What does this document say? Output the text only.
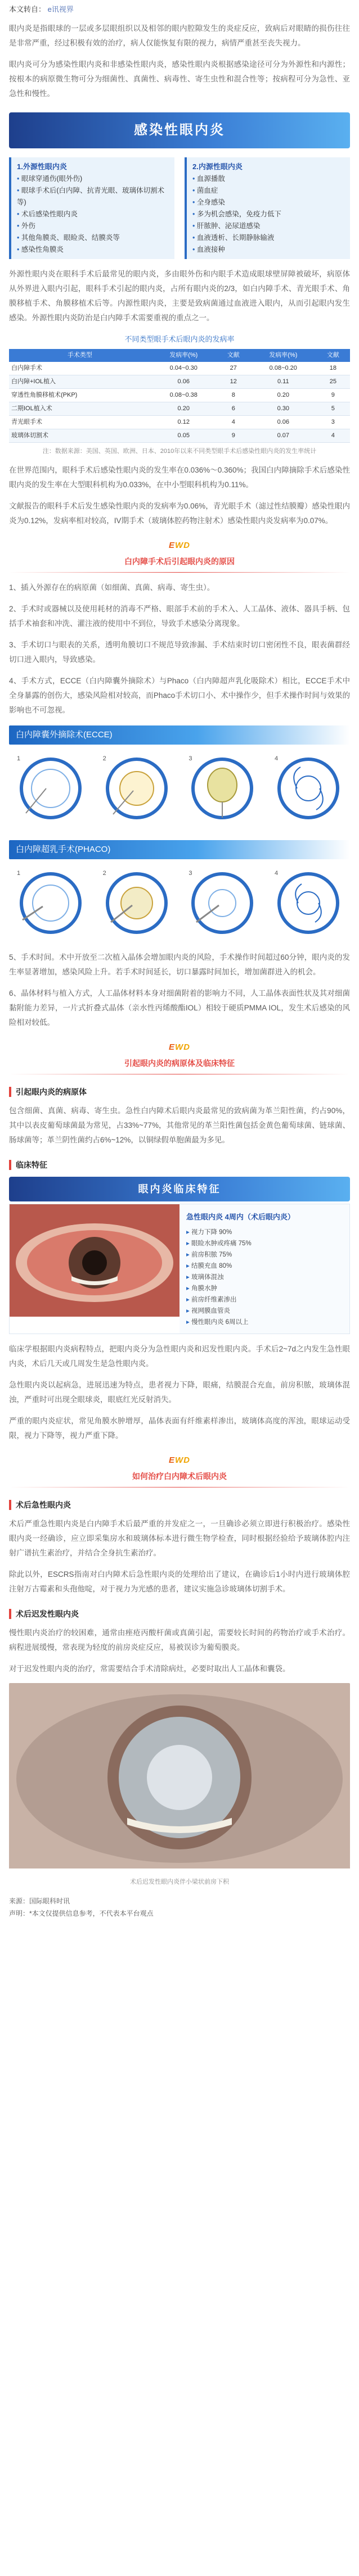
本文转自： e讯视界

眼内炎是指眼球的一层或多层眼组织以及相邻的眼内腔隙发生的炎症反应，致病后对眼睛的损伤往往是非常严重，经过积极有效的治疗，病人仅能恢复有限的视力，病情严重甚至丧失视力。

眼内炎可分为感染性眼内炎和非感染性眼内炎，感染性眼内炎根据感染途径可分为外源性和内源性；按根本的病原微生物可分为细菌性、真菌性、病毒性、寄生虫性和混合性等；按病程可分为急性、亚急性和慢性。

感染性眼内炎
1.外源性眼内炎
• 眼球穿通伤(眼外伤)
• 眼球手术后(白内障、抗青光眼、玻璃体切割术等)
• 术后感染性眼内炎
• 外伤
• 其他角膜炎、眼睑炎、结膜炎等
• 感染性角膜炎
2.内源性眼内炎
• 血源播散
• 菌血症
• 全身感染
• 多为机会感染，免疫力低下
• 肝脓肿、泌尿道感染
• 血液透析、长期静脉输液
• 血液接种

外源性眼内炎在眼科手术后最常见的眼内炎，多由眼外伤和内眼手术造成眼球壁屏障被破坏，病原体从外界进入眼内引起，眼科手术引起的眼内炎，占所有眼内炎的2/3，如白内障手术、青光眼手术、角膜移植手术、角膜移植术后等。内源性眼内炎，主要是致病菌通过血液进入眼内，从而引起眼内发生感染。外源性眼内炎防治是白内障手术需要重视的重点之一。

不同类型眼手术后眼内炎的发病率
手术类型	发病率(%)	文献	发病率(%)	文献
白内障手术	0.04~0.30	27	0.08~0.20	18
白内障+IOL植入	0.06	12	0.11	25
穿透性角膜移植术(PKP)	0.08~0.38	8	0.20	9
二期IOL植入术	0.20	6	0.30	5
青光眼手术	0.12	4	0.06	3
玻璃体切割术	0.05	9	0.07	4
注：数据来源：美国、英国、欧洲、日本、2010年以来不同类型眼手术后感染性眼内炎的发生率统计

在世界范围内，眼科手术后感染性眼内炎的发生率在0.036%～0.360%；我国白内障摘除手术后感染性眼内炎的发生率在大型眼科机构为0.033%，在中小型眼科机构为0.11%。

文献报告的眼科手术后发生感染性眼内炎的发病率为0.06%，青光眼手术（滤过性结膜瓣）感染性眼内炎为0.12%，发病率相对较高，IV期手术（玻璃体腔药物注射术）感染性眼内炎发病率为0.07%。

EWD
白内障手术后引起眼内炎的原因

1、插入外源存在的病原菌（如细菌、真菌、病毒、寄生虫）。

2、手术时或器械以及使用耗材的消毒不严格、眼部手术前的手术入、人工晶体、液体、器具手柄、包括手术袖套和冲洗、灌注液的使用中不到位，导致手术感染分离现象。

3、手术切口与眼表的关系，透明角膜切口不规范导致渗漏、手术结束时切口密闭性不良，眼表菌群经切口进入眼内，导致感染。

4、手术方式，ECCE（白内障囊外摘除术）与Phaco（白内障超声乳化吸除术）相比，ECCE手术中全身暴露的创伤大，感染风险相对较高，而Phaco手术切口小、术中操作少，但手术操作时间与效果的影响也不可忽视。

白内障囊外摘除术(ECCE)
1	2	3	4
白内障超乳手术(PHACO)
1	2	3	4

5、手术时间。术中开放至二次植入晶体会增加眼内炎的风险，手术操作时间超过60分钟，眼内炎的发生率显著增加，感染风险上升。若手术时间延长，切口暴露时间加长，增加菌群进入的机会。

6、晶体材料与植入方式，人工晶体材料本身对细菌附着的影响力不同，人工晶体表面性状及其对细菌黏附能力差异，一片式折叠式晶体（亲水性丙烯酸酯IOL）相较于硬质PMMA IOL，发生术后感染的风险相对较低。

EWD
引起眼内炎的病原体及临床特征
引起眼内炎的病原体

包含细菌、真菌、病毒、寄生虫。急性白内障术后眼内炎最常见的致病菌为革兰阳性菌，约占90%，其中以表皮葡萄球菌最为常见，占33%~77%，其他常见的革兰阳性菌包括金黄色葡萄球菌、链球菌、肠球菌等；革兰阴性菌约占6%~12%，以铜绿假单胞菌最为多见。

临床特征
眼内炎临床特征
急性眼内炎 4周内（术后眼内炎）
▸ 视力下降 90%
▸ 眼睑水肿或疼痛 75%
▸ 前房积脓 75%
▸ 结膜充血 80%
▸ 玻璃体混浊
▸ 角膜水肿
▸ 前房纤维素渗出
▸ 视网膜血管炎
▸ 慢性眼内炎 6周以上

临床学根据眼内炎病程特点，把眼内炎分为急性眼内炎和迟发性眼内炎。手术后2~7d之内发生急性眼内炎，术后几天或几周发生是急性眼内炎。

急性眼内炎以起病急，进展迅速为特点，患者视力下降，眼痛，结膜混合充血，前房积脓，玻璃体混浊，严重时可出现全眼球炎，眼底红光反射消失。

严重的眼内炎症状，常见角膜水肿增厚，晶体表面有纤维素样渗出，玻璃体高度的浑浊，眼球运动受限，视力下降等，视力严重下降。

EWD
如何治疗白内障术后眼内炎
术后急性眼内炎

术后严重急性眼内炎是白内障手术后最严重的并发症之一，一旦确诊必须立即进行积极治疗。感染性眼内炎一经确诊，应立即采集房水和玻璃体标本进行微生物学检查，同时根据经验给予玻璃体腔内注射广谱抗生素治疗，并结合全身抗生素治疗。

除此以外，ESCRS指南对白内障术后急性眼内炎的处理给出了建议，在确诊后1小时内进行玻璃体腔注射万古霉素和头孢他啶，对于视力为光感的患者，建议实施急诊玻璃体切割手术。

术后迟发性眼内炎

慢性眼内炎治疗的较困难，通常由痤疮丙酸杆菌或真菌引起，需要较长时间的药物治疗或手术治疗。病程进展缓慢，常表现为轻度的前房炎症反应，易被误诊为葡萄膜炎。

对于迟发性眼内炎的治疗，常需要结合手术清除病灶，必要时取出人工晶体和囊袋。

术后迟发性眼内炎伴小梁状前房下积
来源：国际眼科时讯
声明：*本文仅提供信息参考，不代表本平台观点
